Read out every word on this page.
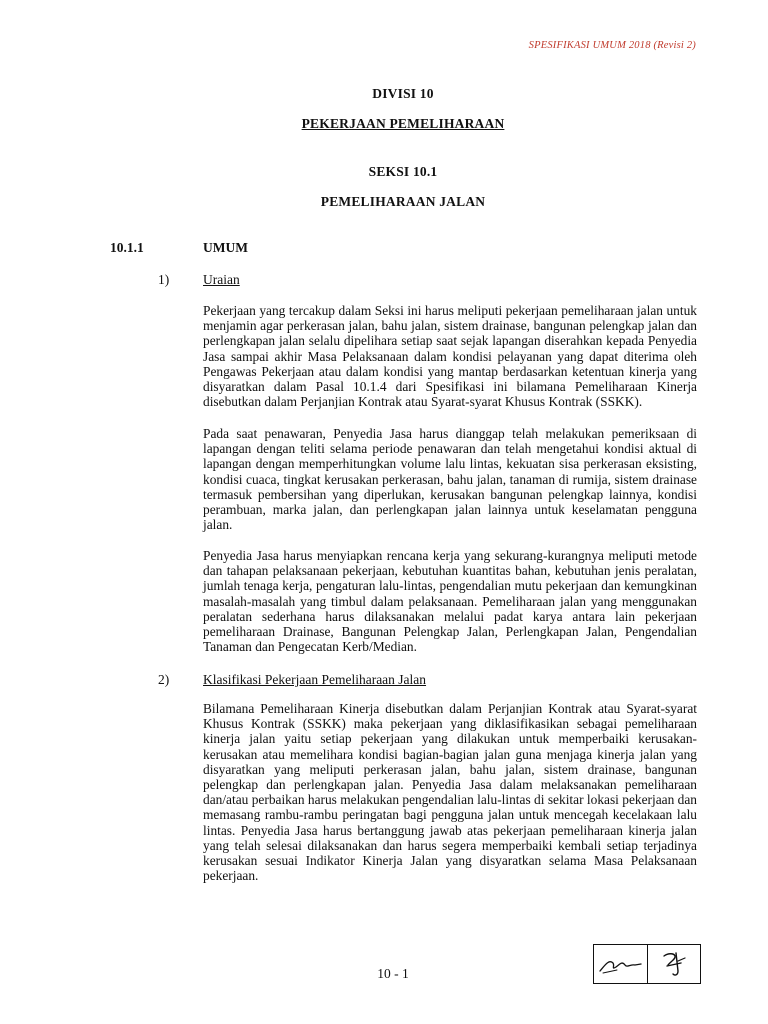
SPESIFIKASI UMUM 2018 (Revisi 2)
DIVISI 10
PEKERJAAN PEMELIHARAAN
SEKSI 10.1
PEMELIHARAAN JALAN
10.1.1	UMUM
1)	Uraian
Pekerjaan yang tercakup dalam Seksi ini harus meliputi pekerjaan pemeliharaan jalan untuk menjamin agar perkerasan jalan, bahu jalan, sistem drainase, bangunan pelengkap jalan dan perlengkapan jalan selalu dipelihara setiap saat sejak lapangan diserahkan kepada Penyedia Jasa sampai akhir Masa Pelaksanaan dalam kondisi pelayanan yang dapat diterima oleh Pengawas Pekerjaan atau dalam kondisi yang mantap berdasarkan ketentuan kinerja yang disyaratkan dalam Pasal 10.1.4 dari Spesifikasi ini bilamana Pemeliharaan Kinerja disebutkan dalam Perjanjian Kontrak atau Syarat-syarat Khusus Kontrak (SSKK).
Pada saat penawaran, Penyedia Jasa harus dianggap telah melakukan pemeriksaan di lapangan dengan teliti selama periode penawaran dan telah mengetahui kondisi aktual di lapangan dengan memperhitungkan volume lalu lintas, kekuatan sisa perkerasan eksisting, kondisi cuaca, tingkat kerusakan perkerasan, bahu jalan, tanaman di rumija, sistem drainase termasuk pembersihan yang diperlukan, kerusakan bangunan pelengkap lainnya, kondisi perambuan, marka jalan, dan perlengkapan jalan lainnya untuk keselamatan pengguna jalan.
Penyedia Jasa harus menyiapkan rencana kerja yang sekurang-kurangnya meliputi metode dan tahapan pelaksanaan pekerjaan, kebutuhan kuantitas bahan, kebutuhan jenis peralatan, jumlah tenaga kerja, pengaturan lalu-lintas, pengendalian mutu pekerjaan dan kemungkinan masalah-masalah yang timbul dalam pelaksanaan. Pemeliharaan jalan yang menggunakan peralatan sederhana harus dilaksanakan melalui padat karya antara lain pekerjaan pemeliharaan Drainase, Bangunan Pelengkap Jalan, Perlengkapan Jalan, Pengendalian Tanaman dan Pengecatan Kerb/Median.
2)	Klasifikasi Pekerjaan Pemeliharaan Jalan
Bilamana Pemeliharaan Kinerja disebutkan dalam Perjanjian Kontrak atau Syarat-syarat Khusus Kontrak (SSKK) maka pekerjaan yang diklasifikasikan sebagai pemeliharaan kinerja jalan yaitu setiap pekerjaan yang dilakukan untuk memperbaiki kerusakan-kerusakan atau memelihara kondisi bagian-bagian jalan guna menjaga kinerja jalan yang disyaratkan yang meliputi perkerasan jalan, bahu jalan, sistem drainase, bangunan pelengkap dan perlengkapan jalan. Penyedia Jasa dalam melaksanakan pemeliharaan dan/atau perbaikan harus melakukan pengendalian lalu-lintas di sekitar lokasi pekerjaan dan memasang rambu-rambu peringatan bagi pengguna jalan untuk mencegah kecelakaan lalu lintas. Penyedia Jasa harus bertanggung jawab atas pekerjaan pemeliharaan kinerja jalan yang telah selesai dilaksanakan dan harus segera memperbaiki kembali setiap terjadinya kerusakan sesuai Indikator Kinerja Jalan yang disyaratkan selama Masa Pelaksanaan pekerjaan.
10 - 1
